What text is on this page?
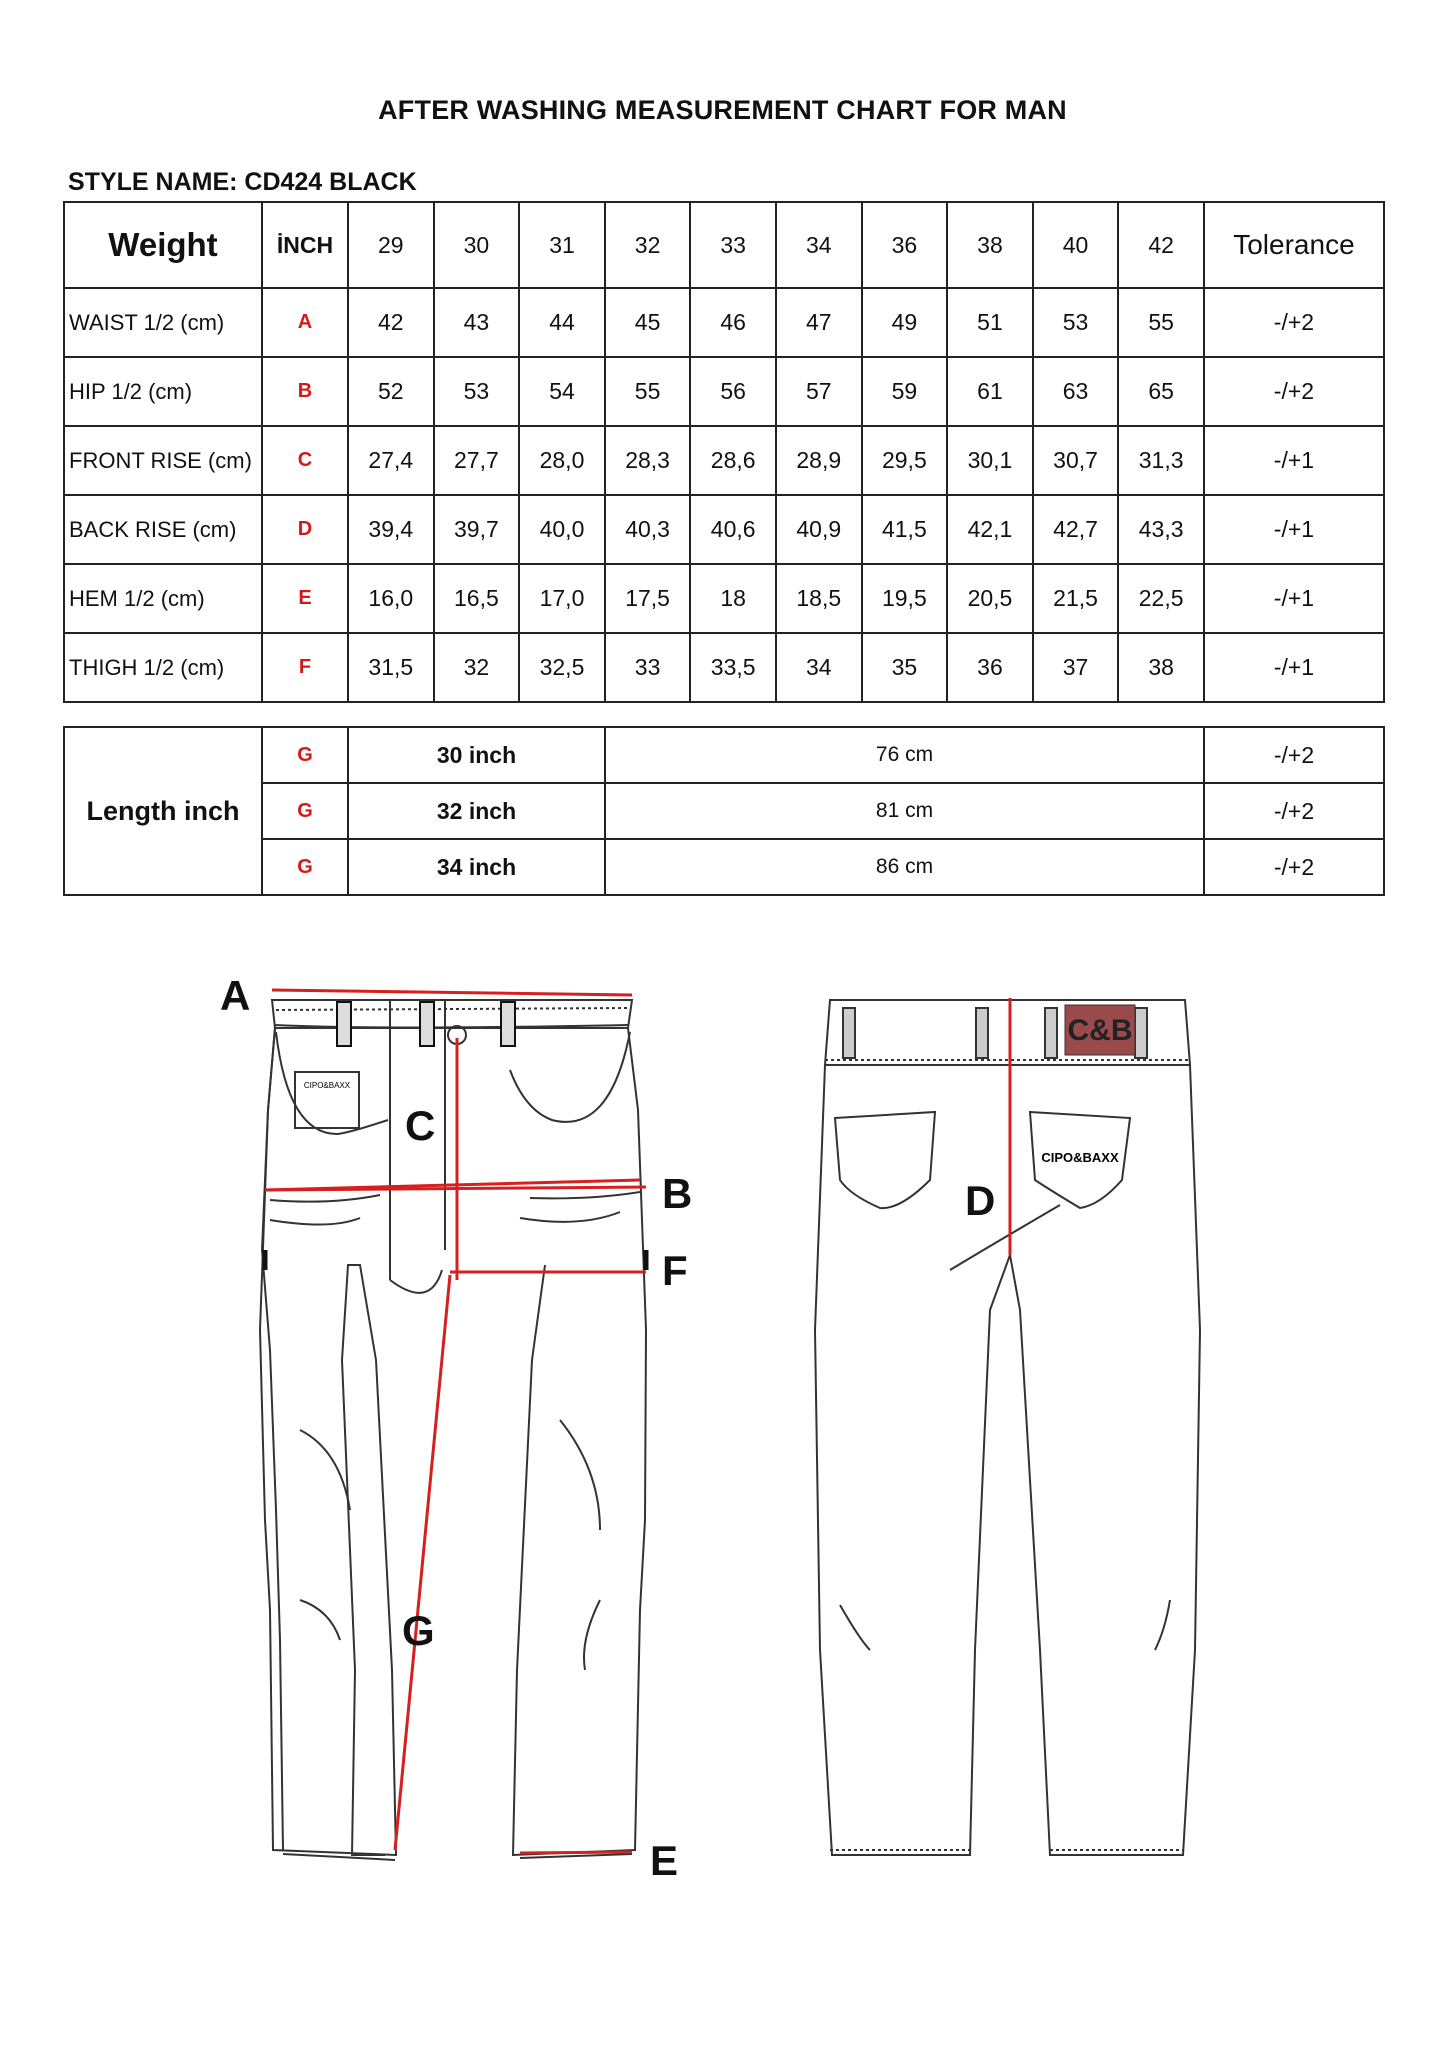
AFTER WASHING MEASUREMENT CHART FOR MAN
STYLE NAME: CD424 BLACK
Weight	İNCH	29	30	31	32	33	34	36	38	40	42	Tolerance
WAIST 1/2 (cm)	A	42	43	44	45	46	47	49	51	53	55	-/+2
HIP 1/2 (cm)	B	52	53	54	55	56	57	59	61	63	65	-/+2
FRONT RISE (cm)	C	27,4	27,7	28,0	28,3	28,6	28,9	29,5	30,1	30,7	31,3	-/+1
BACK RISE (cm)	D	39,4	39,7	40,0	40,3	40,6	40,9	41,5	42,1	42,7	43,3	-/+1
HEM 1/2 (cm)	E	16,0	16,5	17,0	17,5	18	18,5	19,5	20,5	21,5	22,5	-/+1
THIGH 1/2 (cm)	F	31,5	32	32,5	33	33,5	34	35	36	37	38	-/+1
Length inch	G	30 inch	76 cm	-/+2
	G	32 inch	81 cm	-/+2
	G	34 inch	86 cm	-/+2
C&B
CIPO&BAXX
CIPO&BAXX
A
B
C
D
E
F
G
